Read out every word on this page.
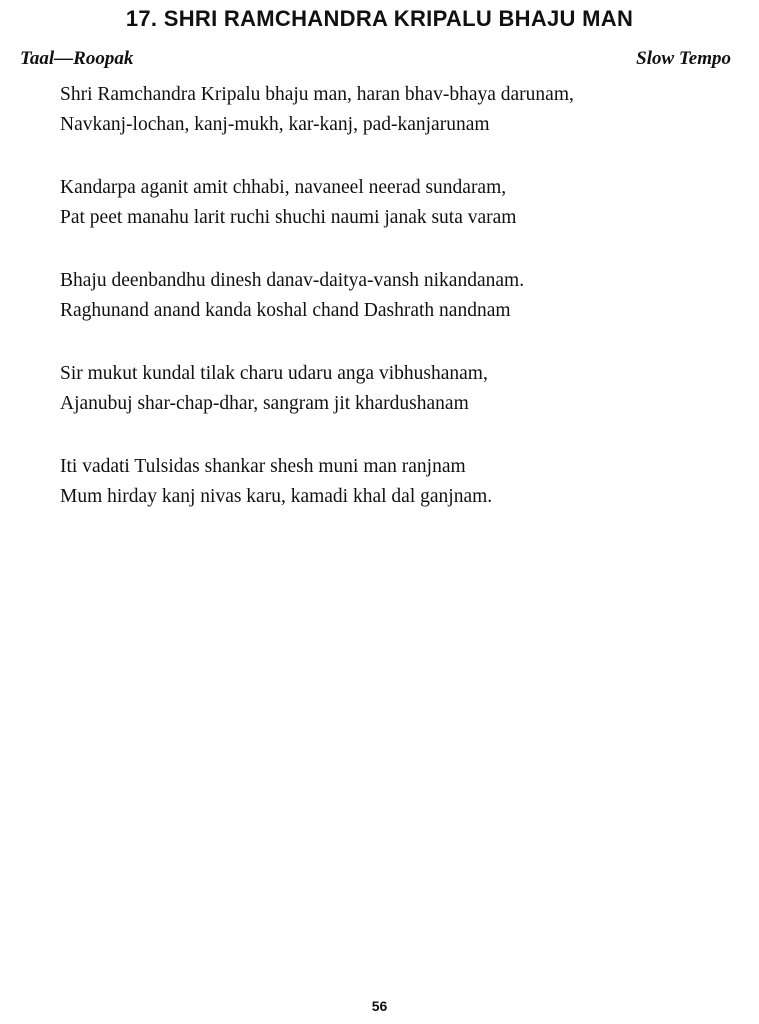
17. SHRI RAMCHANDRA KRIPALU BHAJU MAN
Taal—Roopak	Slow Tempo
Shri Ramchandra Kripalu bhaju man, haran bhav-bhaya darunam,
Navkanj-lochan, kanj-mukh, kar-kanj, pad-kanjarunam
Kandarpa aganit amit chhabi, navaneel neerad sundaram,
Pat peet manahu larit ruchi shuchi naumi janak suta varam
Bhaju deenbandhu dinesh danav-daitya-vansh nikandanam.
Raghunand anand kanda koshal chand Dashrath nandnam
Sir mukut kundal tilak charu udaru anga vibhushanam,
Ajanubuj shar-chap-dhar, sangram jit khardushanam
Iti vadati Tulsidas shankar shesh muni man ranjnam
Mum hirday kanj nivas karu, kamadi khal dal ganjnam.
56
